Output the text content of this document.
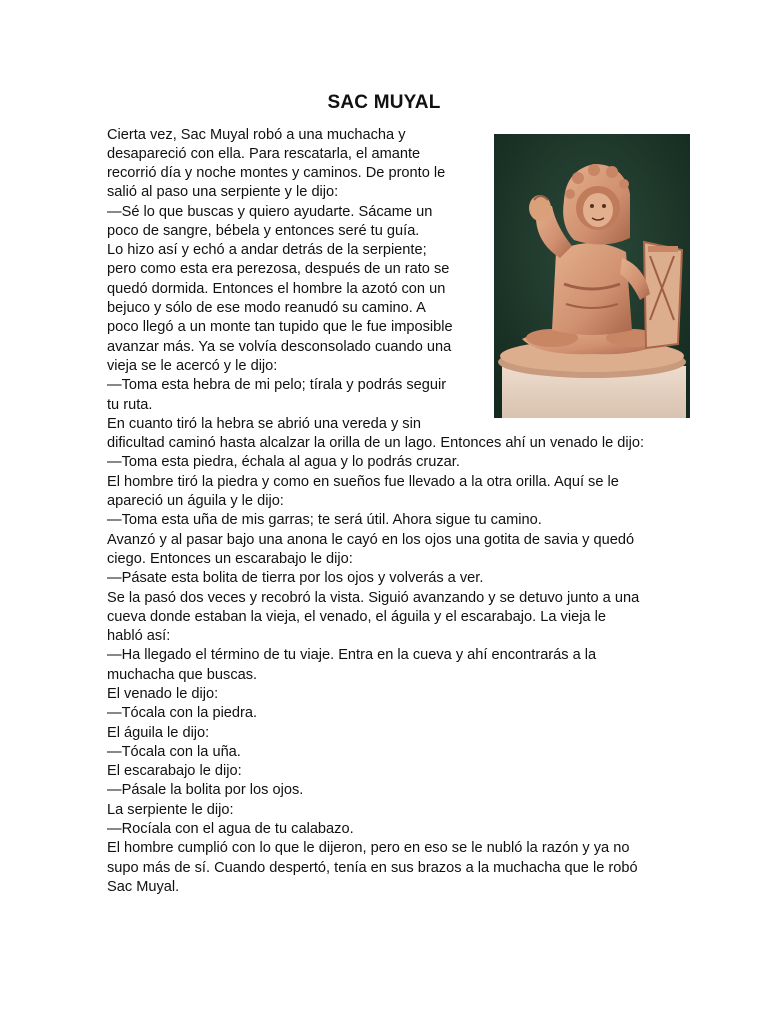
SAC MUYAL

Cierta vez, Sac Muyal robó a una muchacha y

desapareció con ella. Para rescatarla, el amante

recorrió día y noche montes y caminos. De pronto le

salió al paso una serpiente y le dijo:

—Sé lo que buscas y quiero ayudarte. Sácame un

poco de sangre, bébela y entonces seré tu guía.

Lo hizo así y echó a andar detrás de la serpiente;

pero como esta era perezosa, después de un rato se

quedó dormida. Entonces el hombre la azotó con un

bejuco y sólo de ese modo reanudó su camino. A

poco llegó a un monte tan tupido que le fue imposible

avanzar más. Ya se volvía desconsolado cuando una

vieja se le acercó y le dijo:

—Toma esta hebra de mi pelo; tírala y podrás seguir

tu ruta.

En cuanto tiró la hebra se abrió una vereda y sin

dificultad caminó hasta alcalzar la orilla de un lago. Entonces ahí un venado le dijo:

—Toma esta piedra, échala al agua y lo podrás cruzar.

El hombre tiró la piedra y como en sueños fue llevado a la otra orilla. Aquí se le

apareció un águila y le dijo:

—Toma esta uña de mis garras; te será útil. Ahora sigue tu camino.

Avanzó y al pasar bajo una anona le cayó en los ojos una gotita de savia y quedó

ciego. Entonces un escarabajo le dijo:

—Pásate esta bolita de tierra por los ojos y volverás a ver.

Se la pasó dos veces y recobró la vista. Siguió avanzando y se detuvo junto a una

cueva donde estaban la vieja, el venado, el águila y el escarabajo. La vieja le

habló así:

—Ha llegado el término de tu viaje. Entra en la cueva y ahí encontrarás a la

muchacha que buscas.

El venado le dijo:

—Tócala con la piedra.

El águila le dijo:

—Tócala con la uña.

El escarabajo le dijo:

—Pásale la bolita por los ojos.

La serpiente le dijo:

—Rocíala con el agua de tu calabazo.

El hombre cumplió con lo que le dijeron, pero en eso se le nubló la razón y ya no

supo más de sí. Cuando despertó, tenía en sus brazos a la muchacha que le robó

Sac Muyal.
